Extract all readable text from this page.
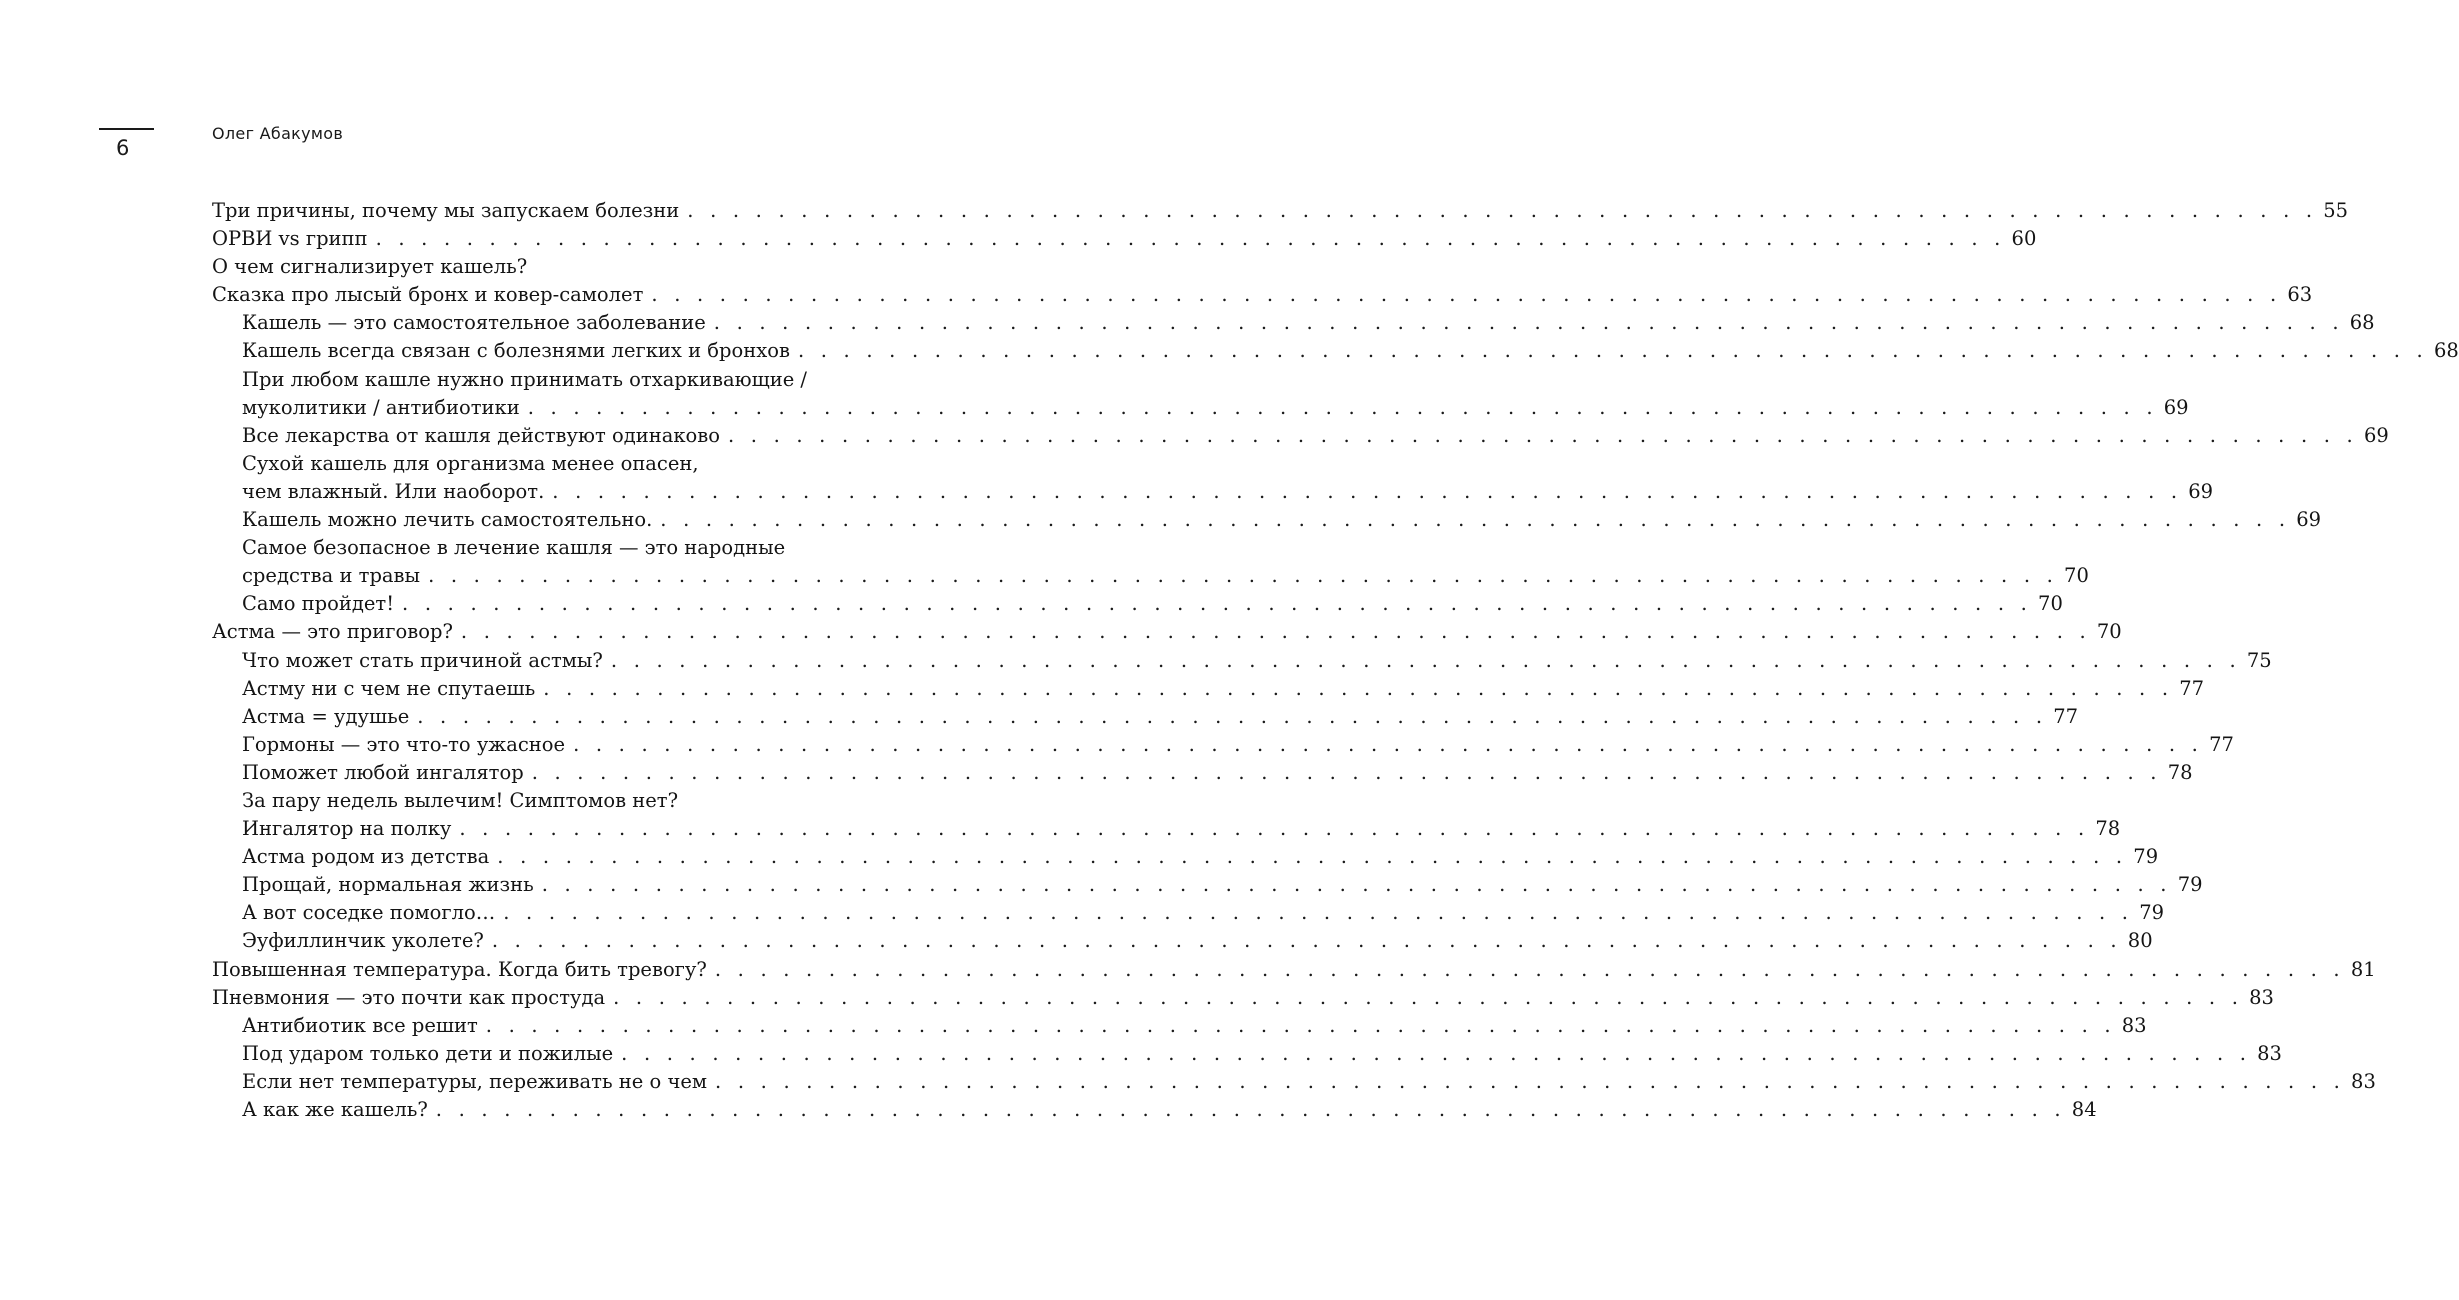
6
Олег Абакумов
Три причины, почему мы запускаем болезни . . . . . . . . . . . . . . . . . . . . . . . . . . . . . . . . . . . . . . . . . . . . . . . . . . . . . . . . . . . . . . . . . . . . . . . . 55
ОРВИ vs грипп . . . . . . . . . . . . . . . . . . . . . . . . . . . . . . . . . . . . . . . . . . . . . . . . . . . . . . . . . . . . . . . . . . . . . . . . 60
О чем сигнализирует кашель?
Сказка про лысый бронх и ковер-самолет . . . . . . . . . . . . . . . . . . . . . . . . . . . . . . . . . . . . . . . . . . . . . . . . . . . . . . . . . . . . . . . . . . . . . . . . 63
Кашель — это самостоятельное заболевание . . . . . . . . . . . . . . . . . . . . . . . . . . . . . . . . . . . . . . . . . . . . . . . . . . . . . . . . . . . . . . . . . . . . . . . . 68
Кашель всегда связан с болезнями легких и бронхов . . . . . . . . . . . . . . . . . . . . . . . . . . . . . . . . . . . . . . . . . . . . . . . . . . . . . . . . . . . . . . . . . . . . . . . . 68
При любом кашле нужно принимать отхаркивающие /
муколитики / антибиотики . . . . . . . . . . . . . . . . . . . . . . . . . . . . . . . . . . . . . . . . . . . . . . . . . . . . . . . . . . . . . . . . . . . . . . . . 69
Все лекарства от кашля действуют одинаково . . . . . . . . . . . . . . . . . . . . . . . . . . . . . . . . . . . . . . . . . . . . . . . . . . . . . . . . . . . . . . . . . . . . . . . . 69
Сухой кашель для организма менее опасен,
чем влажный. Или наоборот. . . . . . . . . . . . . . . . . . . . . . . . . . . . . . . . . . . . . . . . . . . . . . . . . . . . . . . . . . . . . . . . . . . . . . . . . 69
Кашель можно лечить самостоятельно. . . . . . . . . . . . . . . . . . . . . . . . . . . . . . . . . . . . . . . . . . . . . . . . . . . . . . . . . . . . . . . . . . . . . . . . . 69
Самое безопасное в лечение кашля — это народные
средства и травы . . . . . . . . . . . . . . . . . . . . . . . . . . . . . . . . . . . . . . . . . . . . . . . . . . . . . . . . . . . . . . . . . . . . . . . . 70
Само пройдет! . . . . . . . . . . . . . . . . . . . . . . . . . . . . . . . . . . . . . . . . . . . . . . . . . . . . . . . . . . . . . . . . . . . . . . . . 70
Астма — это приговор? . . . . . . . . . . . . . . . . . . . . . . . . . . . . . . . . . . . . . . . . . . . . . . . . . . . . . . . . . . . . . . . . . . . . . . . . 70
Что может стать причиной астмы? . . . . . . . . . . . . . . . . . . . . . . . . . . . . . . . . . . . . . . . . . . . . . . . . . . . . . . . . . . . . . . . . . . . . . . . . 75
Астму ни с чем не спутаешь . . . . . . . . . . . . . . . . . . . . . . . . . . . . . . . . . . . . . . . . . . . . . . . . . . . . . . . . . . . . . . . . . . . . . . . . 77
Астма = удушье . . . . . . . . . . . . . . . . . . . . . . . . . . . . . . . . . . . . . . . . . . . . . . . . . . . . . . . . . . . . . . . . . . . . . . . . 77
Гормоны — это что-то ужасное . . . . . . . . . . . . . . . . . . . . . . . . . . . . . . . . . . . . . . . . . . . . . . . . . . . . . . . . . . . . . . . . . . . . . . . . 77
Поможет любой ингалятор . . . . . . . . . . . . . . . . . . . . . . . . . . . . . . . . . . . . . . . . . . . . . . . . . . . . . . . . . . . . . . . . . . . . . . . . 78
За пару недель вылечим! Симптомов нет?
Ингалятор на полку . . . . . . . . . . . . . . . . . . . . . . . . . . . . . . . . . . . . . . . . . . . . . . . . . . . . . . . . . . . . . . . . . . . . . . . . 78
Астма родом из детства . . . . . . . . . . . . . . . . . . . . . . . . . . . . . . . . . . . . . . . . . . . . . . . . . . . . . . . . . . . . . . . . . . . . . . . . 79
Прощай, нормальная жизнь . . . . . . . . . . . . . . . . . . . . . . . . . . . . . . . . . . . . . . . . . . . . . . . . . . . . . . . . . . . . . . . . . . . . . . . . 79
А вот соседке помогло… . . . . . . . . . . . . . . . . . . . . . . . . . . . . . . . . . . . . . . . . . . . . . . . . . . . . . . . . . . . . . . . . . . . . . . . . 79
Эуфиллинчик уколете? . . . . . . . . . . . . . . . . . . . . . . . . . . . . . . . . . . . . . . . . . . . . . . . . . . . . . . . . . . . . . . . . . . . . . . . . 80
Повышенная температура. Когда бить тревогу? . . . . . . . . . . . . . . . . . . . . . . . . . . . . . . . . . . . . . . . . . . . . . . . . . . . . . . . . . . . . . . . . . . . . . . . . 81
Пневмония — это почти как простуда . . . . . . . . . . . . . . . . . . . . . . . . . . . . . . . . . . . . . . . . . . . . . . . . . . . . . . . . . . . . . . . . . . . . . . . . 83
Антибиотик все решит . . . . . . . . . . . . . . . . . . . . . . . . . . . . . . . . . . . . . . . . . . . . . . . . . . . . . . . . . . . . . . . . . . . . . . . . 83
Под ударом только дети и пожилые . . . . . . . . . . . . . . . . . . . . . . . . . . . . . . . . . . . . . . . . . . . . . . . . . . . . . . . . . . . . . . . . . . . . . . . . 83
Если нет температуры, переживать не о чем . . . . . . . . . . . . . . . . . . . . . . . . . . . . . . . . . . . . . . . . . . . . . . . . . . . . . . . . . . . . . . . . . . . . . . . . 83
А как же кашель? . . . . . . . . . . . . . . . . . . . . . . . . . . . . . . . . . . . . . . . . . . . . . . . . . . . . . . . . . . . . . . . . . . . . . . . . 84
